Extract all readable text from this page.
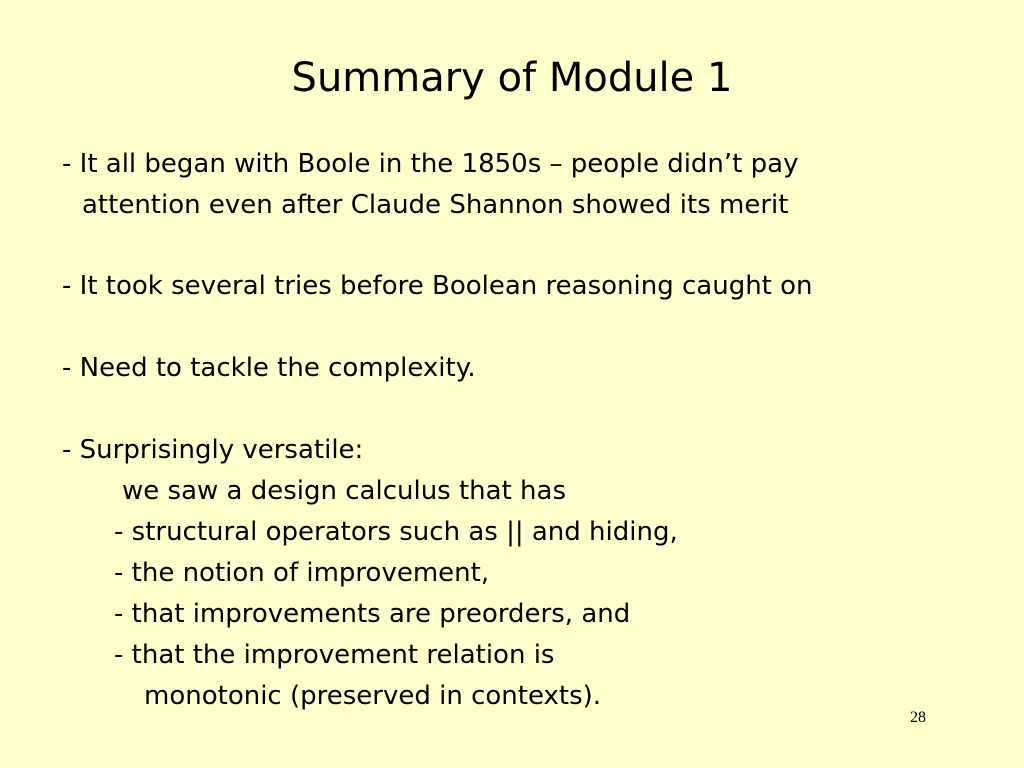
Summary of Module 1
- It all began with Boole in the 1850s – people didn’t pay
attention even after Claude Shannon showed its merit
- It took several tries before Boolean reasoning caught on
- Need to tackle the complexity.
- Surprisingly versatile:
we saw a design calculus that has
- structural operators such as || and hiding,
- the notion of improvement,
- that improvements are preorders, and
- that the improvement relation is
monotonic (preserved in contexts).
28
